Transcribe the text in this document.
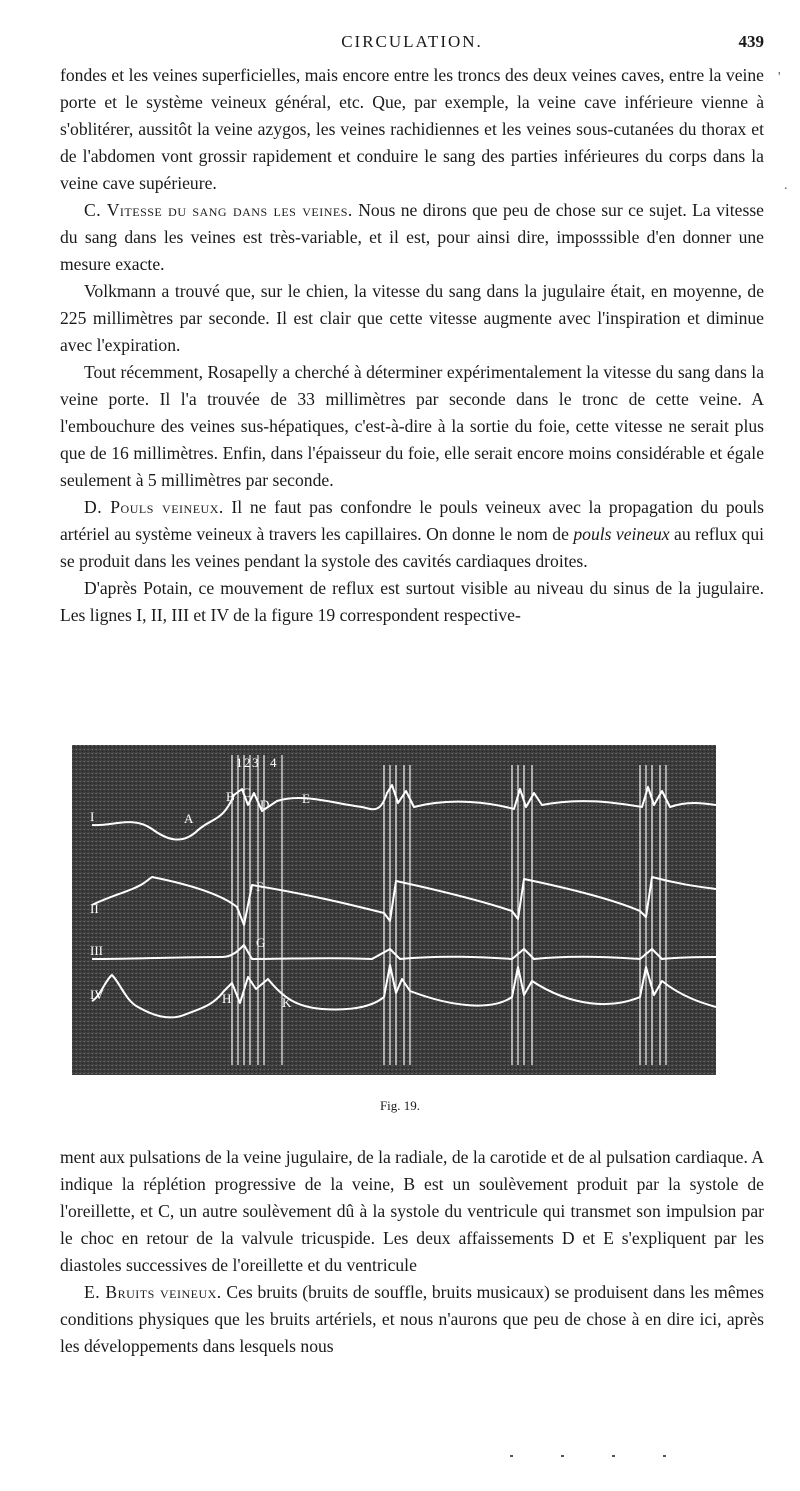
CIRCULATION.	439
'
.

fondes et les veines superficielles, mais encore entre les troncs des deux veines caves, entre la veine porte et le système veineux général, etc. Que, par exemple, la veine cave inférieure vienne à s'oblitérer, aussitôt la veine azygos, les veines rachidiennes et les veines sous-cutanées du thorax et de l'abdomen vont grossir rapidement et conduire le sang des parties inférieures du corps dans la veine cave supérieure.

C. Vitesse du sang dans les veines. Nous ne dirons que peu de chose sur ce sujet. La vitesse du sang dans les veines est très-variable, et il est, pour ainsi dire, imposssible d'en donner une mesure exacte.

Volkmann a trouvé que, sur le chien, la vitesse du sang dans la jugulaire était, en moyenne, de 225 millimètres par seconde. Il est clair que cette vitesse augmente avec l'inspiration et diminue avec l'expiration.

Tout récemment, Rosapelly a cherché à déterminer expérimentalement la vitesse du sang dans la veine porte. Il l'a trouvée de 33 millimètres par seconde dans le tronc de cette veine. A l'embouchure des veines sus-hépatiques, c'est-à-dire à la sortie du foie, cette vitesse ne serait plus que de 16 millimètres. Enfin, dans l'épaisseur du foie, elle serait encore moins considérable et égale seulement à 5 millimètres par seconde.

D. Pouls veineux. Il ne faut pas confondre le pouls veineux avec la propagation du pouls artériel au système veineux à travers les capillaires. On donne le nom de pouls veineux au reflux qui se produit dans les veines pendant la systole des cavités cardiaques droites.

D'après Potain, ce mouvement de reflux est surtout visible au niveau du sinus de la jugulaire. Les lignes I, II, III et IV de la figure 19 correspondent respective-

1 2 3 4
I
II
III
IV
A
B C
D	E
F
G
H	K
Fig. 19.

ment aux pulsations de la veine jugulaire, de la radiale, de la carotide et de al pulsation cardiaque. A indique la réplétion progressive de la veine, B est un soulèvement produit par la systole de l'oreillette, et C, un autre soulèvement dû à la systole du ventricule qui transmet son impulsion par le choc en retour de la valvule tricuspide. Les deux affaissements D et E s'expliquent par les diastoles successives de l'oreillette et du ventricule

E. Bruits veineux. Ces bruits (bruits de souffle, bruits musicaux) se produisent dans les mêmes conditions physiques que les bruits artériels, et nous n'aurons que peu de chose à en dire ici, après les développements dans lesquels nous
